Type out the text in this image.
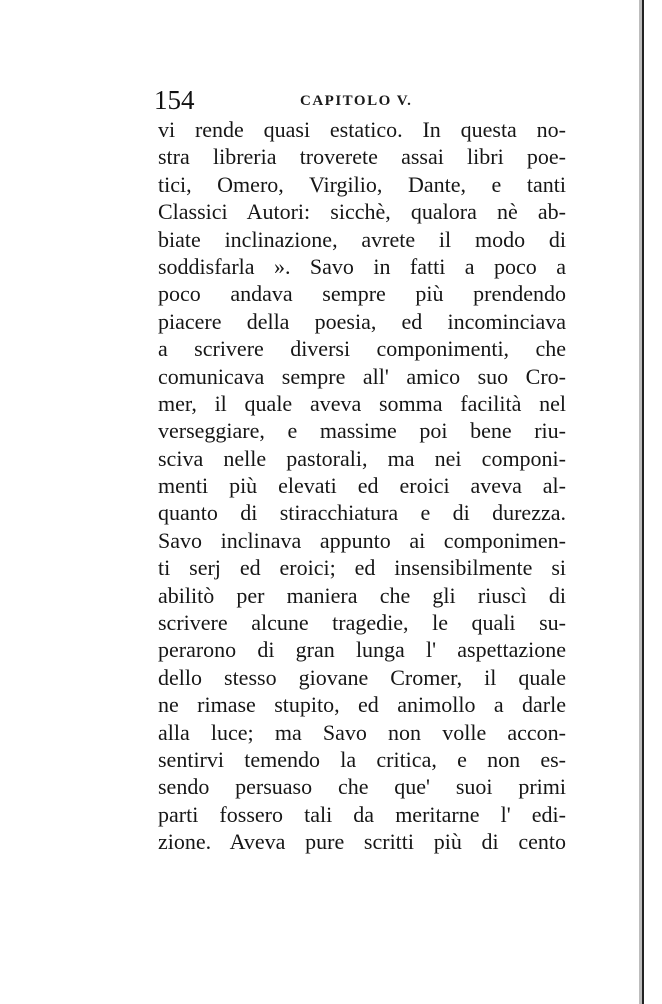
154	CAPITOLO V.
vi rende quasi estatico. In questa no-
stra libreria troverete assai libri poe-
tici, Omero, Virgilio, Dante, e tanti
Classici Autori: sicchè, qualora nè ab-
biate inclinazione, avrete il modo di
soddisfarla ». Savo in fatti a poco a
poco andava sempre più prendendo
piacere della poesia, ed incominciava
a scrivere diversi componimenti, che
comunicava sempre all' amico suo Cro-
mer, il quale aveva somma facilità nel
verseggiare, e massime poi bene riu-
sciva nelle pastorali, ma nei componi-
menti più elevati ed eroici aveva al-
quanto di stiracchiatura e di durezza.
Savo inclinava appunto ai componimen-
ti serj ed eroici; ed insensibilmente si
abilitò per maniera che gli riuscì di
scrivere alcune tragedie, le quali su-
perarono di gran lunga l' aspettazione
dello stesso giovane Cromer, il quale
ne rimase stupito, ed animollo a darle
alla luce; ma Savo non volle accon-
sentirvi temendo la critica, e non es-
sendo persuaso che que' suoi primi
parti fossero tali da meritarne l' edi-
zione. Aveva pure scritti più di cento
